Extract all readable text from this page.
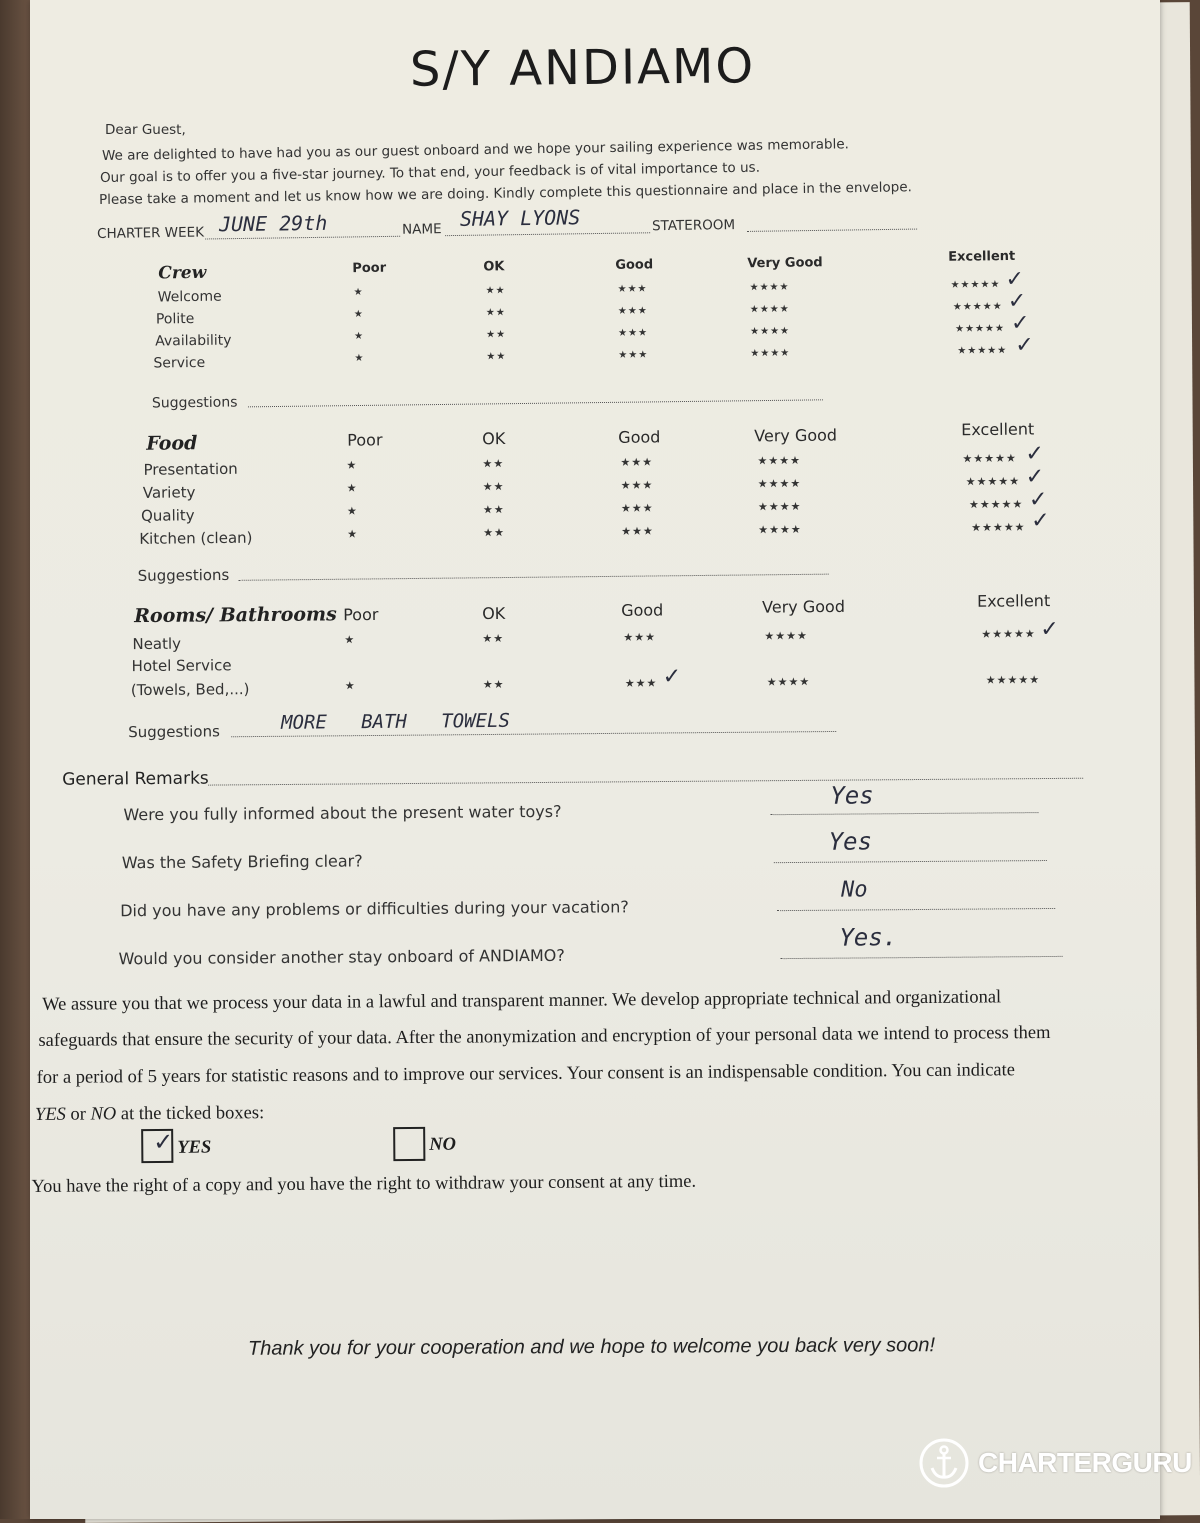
S/Y ANDIAMO
Dear Guest,
We are delighted to have had you as our guest onboard and we hope your sailing experience was memorable.
Our goal is to offer you a five-star journey. To that end, your feedback is of vital importance to us.
Please take a moment and let us know how we are doing. Kindly complete this questionnaire and place in the envelope.
CHARTER WEEK JUNE 29th	NAME SHAY LYONS	STATEROOM
Crew	Poor	OK	Good	Very Good	Excellent
Welcome	★	★★	★★★	★★★★	★★★★★ ✓
Polite	★	★★	★★★	★★★★	★★★★★ ✓
Availability	★	★★	★★★	★★★★	★★★★★ ✓
Service	★	★★	★★★	★★★★	★★★★★ ✓
Suggestions
Food	Poor	OK	Good	Very Good	Excellent
Presentation	★	★★	★★★	★★★★	★★★★★ ✓
Variety	★	★★	★★★	★★★★	★★★★★ ✓
Quality	★	★★	★★★	★★★★	★★★★★ ✓
Kitchen (clean)	★	★★	★★★	★★★★	★★★★★ ✓
Suggestions
Rooms/ Bathrooms Poor	OK	Good	Very Good	Excellent
Neatly	★	★★	★★★	★★★★	★★★★★ ✓
Hotel Service
(Towels, Bed,...)	★	★★	★★★ ✓	★★★★	★★★★★
Suggestions	MORE   BATH   TOWELS
General Remarks
Were you fully informed about the present water toys?
Yes
Was the Safety Briefing clear?
Yes
Did you have any problems or difficulties during your vacation?
No
Would you consider another stay onboard of ANDIAMO?
Yes.
We assure you that we process your data in a lawful and transparent manner. We develop appropriate technical and organizational
safeguards that ensure the security of your data. After the anonymization and encryption of your personal data we intend to process them
for a period of 5 years for statistic reasons and to improve our services. Your consent is an indispensable condition. You can indicate
YES or NO at the ticked boxes:
✓ YES	NO
You have the right of a copy and you have the right to withdraw your consent at any time.
Thank you for your cooperation and we hope to welcome you back very soon!
CHARTERGURU
